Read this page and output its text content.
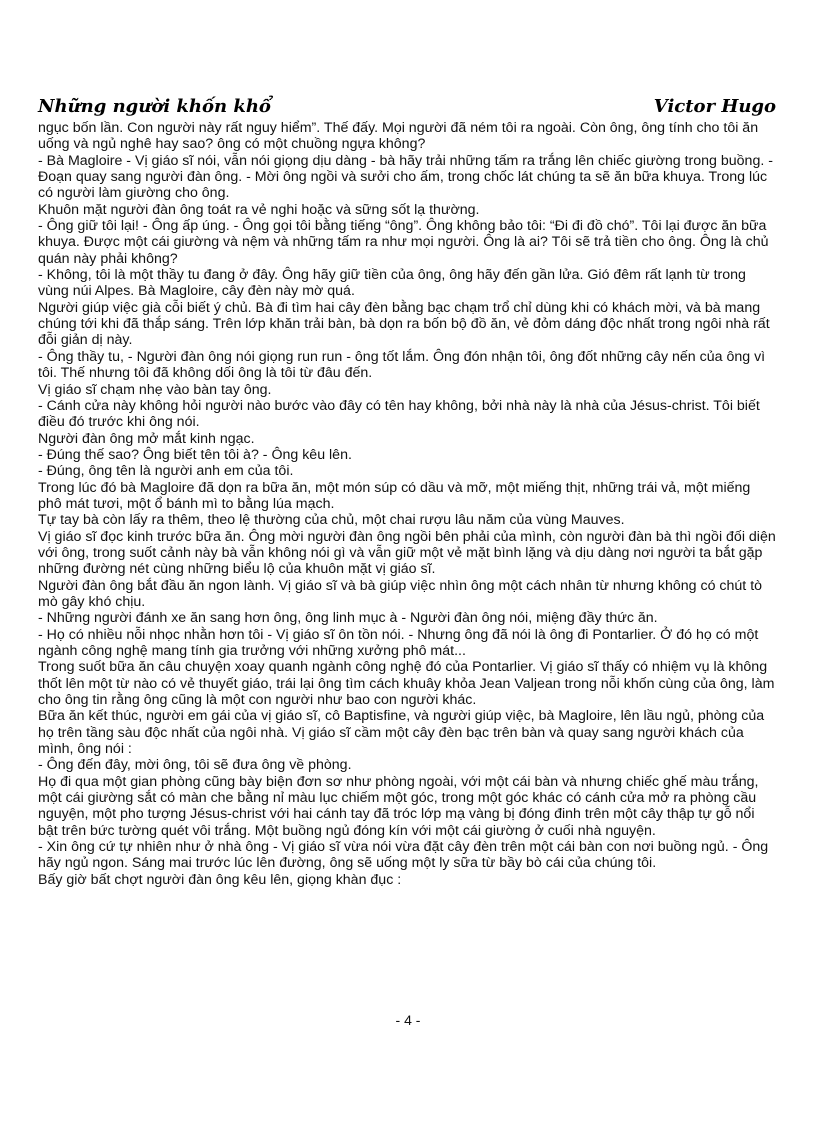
Những người khốn khổ	Victor Hugo

ngục bốn lần. Con người này rất nguy hiểm”. Thế đấy. Mọi người đã ném tôi ra ngoài. Còn ông, ông tính cho tôi ăn uống và ngủ nghê hay sao? ông có một chuồng ngựa không?

- Bà Magloire - Vị giáo sĩ nói, vẫn nói giọng dịu dàng - bà hãy trải những tấm ra trắng lên chiếc giường trong buồng. - Đoạn quay sang người đàn ông. - Mời ông ngồi và sưởi cho ấm, trong chốc lát chúng ta sẽ ăn bữa khuya. Trong lúc có người làm giường cho ông.

Khuôn mặt người đàn ông toát ra vẻ nghi hoặc và sững sốt lạ thường.

- Ông giữ tôi lại! - Ông ấp úng. - Ông gọi tôi bằng tiếng “ông”. Ông không bảo tôi: “Đi đi đồ chó”. Tôi lại được ăn bữa khuya. Được một cái giường và nệm và những tấm ra như mọi người. Ông là ai? Tôi sẽ trả tiền cho ông. Ông là chủ quán này phải không?

- Không, tôi là một thầy tu đang ở đây. Ông hãy giữ tiền của ông, ông hãy đến gần lửa. Gió đêm rất lạnh từ trong vùng núi Alpes. Bà Magloire, cây đèn này mờ quá.

Người giúp việc già cỗi biết ý chủ. Bà đi tìm hai cây đèn bằng bạc chạm trổ chỉ dùng khi có khách mời, và bà mang chúng tới khi đã thắp sáng. Trên lớp khăn trải bàn, bà dọn ra bốn bộ đồ ăn, vẻ đỏm dáng độc nhất trong ngôi nhà rất đỗi giản dị này.

- Ông thầy tu, - Người đàn ông nói giọng run run - ông tốt lắm. Ông đón nhận tôi, ông đốt những cây nến của ông vì tôi. Thế nhưng tôi đã không dối ông là tôi từ đâu đến.

Vị giáo sĩ chạm nhẹ vào bàn tay ông.

- Cánh cửa này không hỏi người nào bước vào đây có tên hay không, bởi nhà này là nhà của Jésus-christ. Tôi biết điều đó trước khi ông nói.

Người đàn ông mở mắt kinh ngạc.

- Đúng thế sao? Ông biết tên tôi à? - Ông kêu lên.

- Đúng, ông tên là người anh em của tôi.

Trong lúc đó bà Magloire đã dọn ra bữa ăn, một món súp có dầu và mỡ, một miếng thịt, những trái vả, một miếng phô mát tươi, một ổ bánh mì to bằng lúa mạch.

Tự tay bà còn lấy ra thêm, theo lệ thường của chủ, một chai rượu lâu năm của vùng Mauves.

Vị giáo sĩ đọc kinh trước bữa ăn. Ông mời người đàn ông ngồi bên phải của mình, còn người đàn bà thì ngồi đối diện với ông, trong suốt cảnh này bà vẫn không nói gì và vẫn giữ một vẻ mặt bình lặng và dịu dàng nơi người ta bắt gặp những đường nét cùng những biểu lộ của khuôn mặt vị giáo sĩ.

Người đàn ông bắt đầu ăn ngon lành. Vị giáo sĩ và bà giúp việc nhìn ông một cách nhân từ nhưng không có chút tò mò gây khó chịu.

- Những người đánh xe ăn sang hơn ông, ông linh mục à - Người đàn ông nói, miệng đầy thức ăn.

- Họ có nhiều nỗi nhọc nhằn hơn tôi - Vị giáo sĩ ôn tồn nói. - Nhưng ông đã nói là ông đi Pontarlier. Ở đó họ có một ngành công nghệ mang tính gia trưởng với những xưởng phô mát...

Trong suốt bữa ăn câu chuyện xoay quanh ngành công nghệ đó của Pontarlier. Vị giáo sĩ thấy có nhiệm vụ là không thốt lên một từ nào có vẻ thuyết giáo, trái lại ông tìm cách khuây khỏa Jean Valjean trong nỗi khốn cùng của ông, làm cho ông tin rằng ông cũng là một con người như bao con người khác.

Bữa ăn kết thúc, người em gái của vị giáo sĩ, cô Baptisfine, và người giúp việc, bà Magloire, lên lầu ngủ, phòng của họ trên tầng sàu độc nhất của ngôi nhà. Vị giáo sĩ cầm một cây đèn bạc trên bàn và quay sang người khách của mình, ông nói :

- Ông đến đây, mời ông, tôi sẽ đưa ông về phòng.

Họ đi qua một gian phòng cũng bày biện đơn sơ như phòng ngoài, với một cái bàn và nhưng chiếc ghế màu trắng, một cái giường sắt có màn che bằng nỉ màu lục chiếm một góc, trong một góc khác có cánh cửa mở ra phòng cầu nguyện, một pho tượng Jésus-christ với hai cánh tay đã tróc lớp mạ vàng bị đóng đinh trên một cây thập tự gỗ nổi bật trên bức tường quét vôi trắng. Một buồng ngủ đóng kín với một cái giường ở cuối nhà nguyện.

- Xin ông cứ tự nhiên như ở nhà ông - Vị giáo sĩ vừa nói vừa đặt cây đèn trên một cái bàn con nơi buồng ngủ. - Ông hãy ngủ ngon. Sáng mai trước lúc lên đường, ông sẽ uống một ly sữa từ bầy bò cái của chúng tôi.

Bấy giờ bất chợt người đàn ông kêu lên, giọng khàn đục :

- 4 -
